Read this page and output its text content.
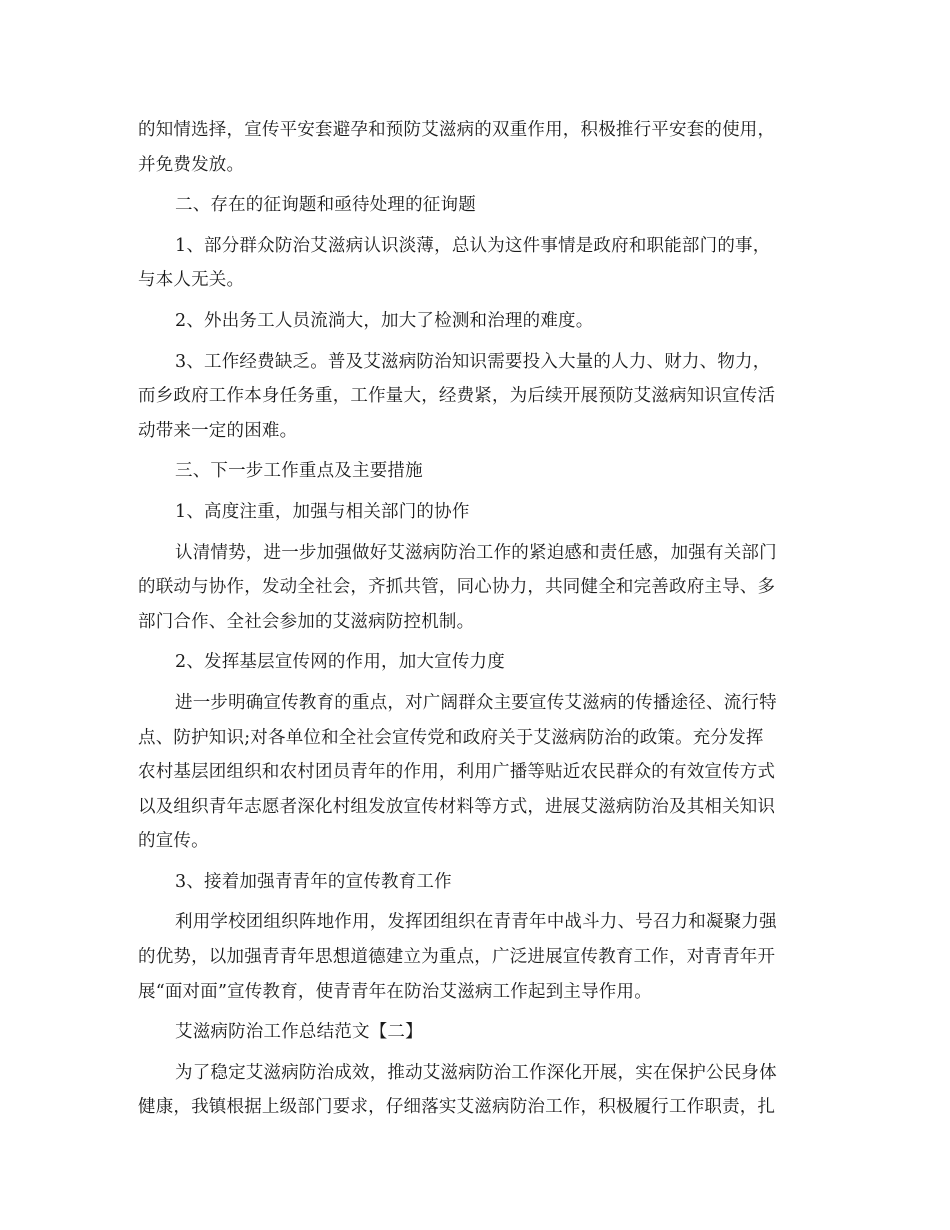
的知情选择，宣传平安套避孕和预防艾滋病的双重作用，积极推行平安套的使用，
并免费发放。

二、存在的征询题和亟待处理的征询题

1、部分群众防治艾滋病认识淡薄，总认为这件事情是政府和职能部门的事，
与本人无关。

2、外出务工人员流淌大，加大了检测和治理的难度。

3、工作经费缺乏。普及艾滋病防治知识需要投入大量的人力、财力、物力，
而乡政府工作本身任务重，工作量大，经费紧，为后续开展预防艾滋病知识宣传活
动带来一定的困难。

三、下一步工作重点及主要措施

1、高度注重，加强与相关部门的协作

认清情势，进一步加强做好艾滋病防治工作的紧迫感和责任感，加强有关部门
的联动与协作，发动全社会，齐抓共管，同心协力，共同健全和完善政府主导、多
部门合作、全社会参加的艾滋病防控机制。

2、发挥基层宣传网的作用，加大宣传力度

进一步明确宣传教育的重点，对广阔群众主要宣传艾滋病的传播途径、流行特
点、防护知识;对各单位和全社会宣传党和政府关于艾滋病防治的政策。充分发挥
农村基层团组织和农村团员青年的作用，利用广播等贴近农民群众的有效宣传方式
以及组织青年志愿者深化村组发放宣传材料等方式，进展艾滋病防治及其相关知识
的宣传。

3、接着加强青青年的宣传教育工作

利用学校团组织阵地作用，发挥团组织在青青年中战斗力、号召力和凝聚力强
的优势，以加强青青年思想道德建立为重点，广泛进展宣传教育工作，对青青年开
展“面对面”宣传教育，使青青年在防治艾滋病工作起到主导作用。

艾滋病防治工作总结范文【二】

为了稳定艾滋病防治成效，推动艾滋病防治工作深化开展，实在保护公民身体
健康，我镇根据上级部门要求，仔细落实艾滋病防治工作，积极履行工作职责，扎
